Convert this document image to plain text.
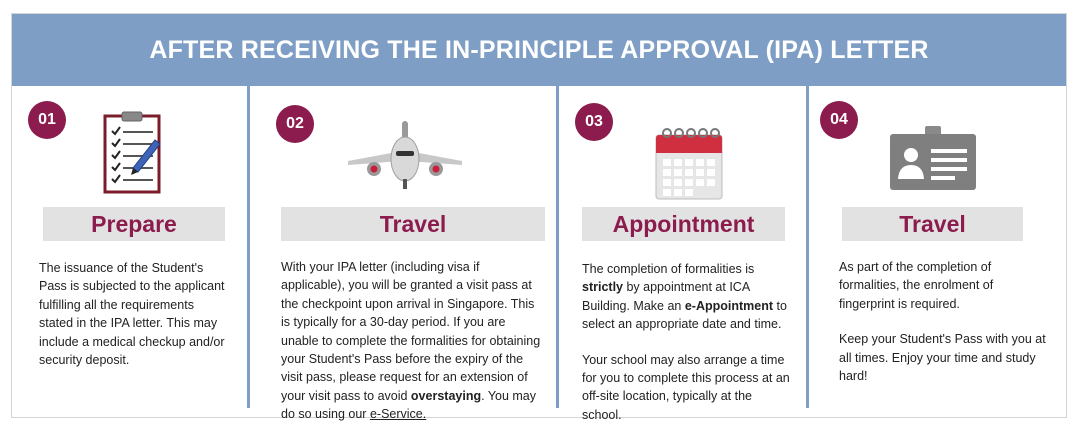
AFTER RECEIVING THE IN-PRINCIPLE APPROVAL (IPA) LETTER
01
Prepare

The issuance of the Student's Pass is subjected to the applicant fulfilling all the requirements stated in the IPA letter. This may include a medical checkup and/or security deposit.

02
Travel

With your IPA letter (including visa if applicable), you will be granted a visit pass at the checkpoint upon arrival in Singapore. This is typically for a 30-day period. If you are unable to complete the formalities for obtaining your Student's Pass before the expiry of the visit pass, please request for an extension of your visit pass to avoid overstaying. You may do so using our e-Service.

03
Appointment

The completion of formalities is strictly by appointment at ICA Building. Make an e-Appointment to select an appropriate date and time.

Your school may also arrange a time for you to complete this process at an off-site location, typically at the school.

04
Travel

As part of the completion of formalities, the enrolment of fingerprint is required.

Keep your Student's Pass with you at all times. Enjoy your time and study hard!
